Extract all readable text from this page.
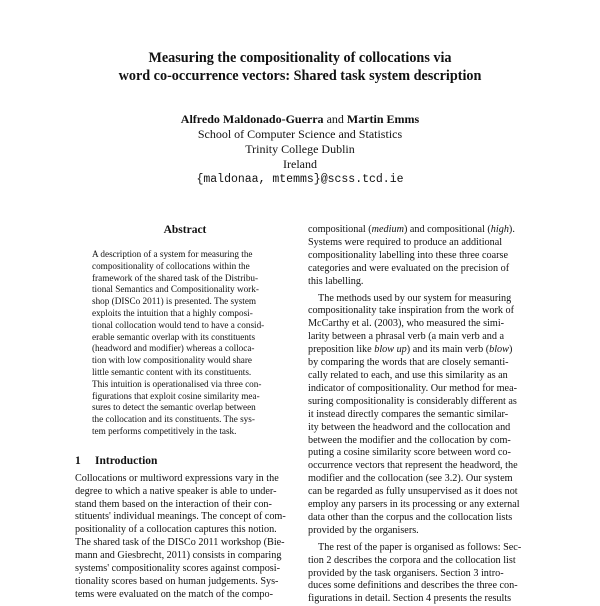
Measuring the compositionality of collocations via
word co-occurrence vectors: Shared task system description
Alfredo Maldonado-Guerra and Martin Emms
School of Computer Science and Statistics
Trinity College Dublin
Ireland
{maldonaa, mtemms}@scss.tcd.ie
Abstract
A description of a system for measuring the
compositionality of collocations within the
framework of the shared task of the Distribu-
tional Semantics and Compositionality work-
shop (DISCo 2011) is presented. The system
exploits the intuition that a highly composi-
tional collocation would tend to have a consid-
erable semantic overlap with its constituents
(headword and modifier) whereas a colloca-
tion with low compositionality would share
little semantic content with its constituents.
This intuition is operationalised via three con-
figurations that exploit cosine similarity mea-
sures to detect the semantic overlap between
the collocation and its constituents. The sys-
tem performs competitively in the task.
1 Introduction
Collocations or multiword expressions vary in the
degree to which a native speaker is able to under-
stand them based on the interaction of their con-
stituents' individual meanings. The concept of com-
positionality of a collocation captures this notion.
The shared task of the DISCo 2011 workshop (Bie-
mann and Giesbrecht, 2011) consists in comparing
systems' compositionality scores against composi-
tionality scores based on human judgements. Sys-
tems were evaluated on the match of the compo-
compositional (medium) and compositional (high).
Systems were required to produce an additional
compositionality labelling into these three coarse
categories and were evaluated on the precision of
this labelling.
The methods used by our system for measuring
compositionality take inspiration from the work of
McCarthy et al. (2003), who measured the simi-
larity between a phrasal verb (a main verb and a
preposition like blow up) and its main verb (blow)
by comparing the words that are closely semanti-
cally related to each, and use this similarity as an
indicator of compositionality. Our method for mea-
suring compositionality is considerably different as
it instead directly compares the semantic similar-
ity between the headword and the collocation and
between the modifier and the collocation by com-
puting a cosine similarity score between word co-
occurrence vectors that represent the headword, the
modifier and the collocation (see 3.2). Our system
can be regarded as fully unsupervised as it does not
employ any parsers in its processing or any external
data other than the corpus and the collocation lists
provided by the organisers.
The rest of the paper is organised as follows: Sec-
tion 2 describes the corpora and the collocation list
provided by the task organisers. Section 3 intro-
duces some definitions and describes the three con-
figurations in detail. Section 4 presents the results
